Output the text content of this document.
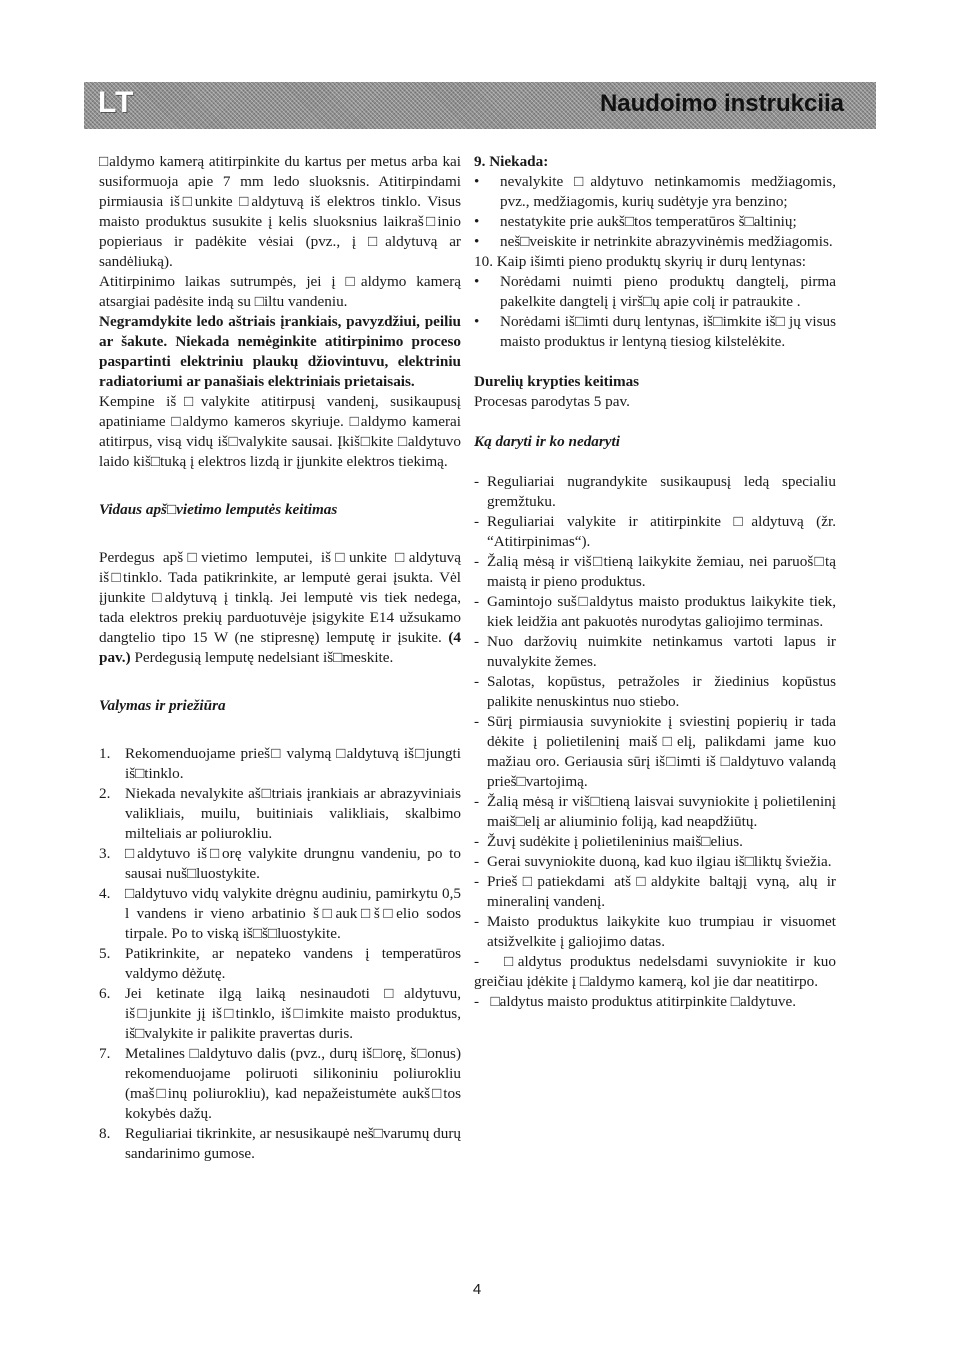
LT	Naudoimo instrukciia

□aldymo kamerą atitirpinkite du kartus per metus arba kai susiformuoja apie 7 mm ledo sluoksnis. Atitirpindami pirmiausia iš□unkite □aldytuvą iš elektros tinklo. Visus maisto produktus susukite į kelis sluoksnius laikraš□inio popieriaus ir padėkite vėsiai (pvz., į □aldytuvą ar sandėliuką).

Atitirpinimo laikas sutrumpės, jei į □aldymo kamerą atsargiai padėsite indą su □iltu vandeniu.

Negramdykite ledo aštriais įrankiais, pavyzdžiui, peiliu ar šakute. Niekada nemėginkite atitirpinimo proceso paspartinti elektriniu plaukų džiovintuvu, elektriniu radiatoriumi ar panašiais elektriniais prietaisais.

Kempine iš□valykite atitirpusį vandenį, susikaupusį apatiniame □aldymo kameros skyriuje. □aldymo kamerai atitirpus, visą vidų iš□valykite sausai. Įkiš□kite □aldytuvo laido kiš□tuką į elektros lizdą ir įjunkite elektros tiekimą.

Vidaus apš□vietimo lemputės keitimas

Perdegus apš□vietimo lemputei, iš□unkite □aldytuvą iš□tinklo. Tada patikrinkite, ar lemputė gerai įsukta. Vėl įjunkite □aldytuvą į tinklą. Jei lemputė vis tiek nedega, tada elektros prekių parduotuvėje įsigykite E14 užsukamo dangtelio tipo 15 W (ne stipresnę) lemputę ir įsukite. (4 pav.) Perdegusią lemputę nedelsiant iš□meskite.

Valymas ir priežiūra

1. Rekomenduojame prieš□ valymą □aldytuvą iš□jungti iš□tinklo.
2. Niekada nevalykite aš□triais įrankiais ar abrazyviniais valikliais, muilu, buitiniais valikliais, skalbimo milteliais ar poliurokliu.
3. □aldytuvo iš□orę valykite drungnu vandeniu, po to sausai nuš□luostykite.
4. □aldytuvo vidų valykite drėgnu audiniu, pamirkytu 0,5 l vandens ir vieno arbatinio š□auk□š□elio sodos tirpale. Po to viską iš□š□luostykite.
5. Patikrinkite, ar nepateko vandens į temperatūros valdymo dėžutę.
6. Jei ketinate ilgą laiką nesinaudoti □aldytuvu, iš□junkite jį iš□tinklo, iš□imkite maisto produktus, iš□valykite ir palikite pravertas duris.
7. Metalines □aldytuvo dalis (pvz., durų iš□orę, š□onus) rekomenduojame poliruoti silikoniniu poliurokliu (maš□inų poliurokliu), kad nepažeistumėte aukš□tos kokybės dažų.
8. Reguliariai tikrinkite, ar nesusikaupė neš□varumų durų sandarinimo gumose.

9. Niekada:

•	nevalykite □aldytuvo netinkamomis medžiagomis, pvz., medžiagomis, kurių sudėtyje yra benzino;
•	nestatykite prie aukš□tos temperatūros š□altinių;
•	neš□veiskite ir netrinkite abrazyvinėmis medžiagomis.

10. Kaip išimti pieno produktų skyrių ir durų lentynas:

•	Norėdami nuimti pieno produktų dangtelį, pirma pakelkite dangtelį į virš□ų apie colį ir patraukite .
•	Norėdami iš□imti durų lentynas, iš□imkite iš□ jų visus maisto produktus ir lentyną tiesiog kilstelėkite.

Durelių krypties keitimas

Procesas parodytas 5 pav.

Ką daryti ir ko nedaryti

- Reguliariai nugrandykite susikaupusį ledą specialiu gremžtuku.
- Reguliariai valykite ir atitirpinkite □aldytuvą (žr. “Atitirpinimas“).
- Žalią mėsą ir viš□tieną laikykite žemiau, nei paruoš□tą maistą ir pieno produktus.
- Gamintojo suš□aldytus maisto produktus laikykite tiek, kiek leidžia ant pakuotės nurodytas galiojimo terminas.
- Nuo daržovių nuimkite netinkamus vartoti lapus ir nuvalykite žemes.
- Salotas, kopūstus, petražoles ir žiedinius kopūstus palikite nenuskintus nuo stiebo.
- Sūrį pirmiausia suvyniokite į sviestinį popierių ir tada dėkite į polietileninį maiš□elį, palikdami jame kuo mažiau oro. Geriausia sūrį iš□imti iš □aldytuvo valandą prieš□vartojimą.
- Žalią mėsą ir viš□tieną laisvai suvyniokite į polietileninį maiš□elį ar aliuminio foliją, kad neapdžiūtų.
- Žuvį sudėkite į polietileninius maiš□elius.
- Gerai suvyniokite duoną, kad kuo ilgiau iš□liktų šviežia.
- Prieš□patiekdami atš□aldykite baltąjį vyną, alų ir mineralinį vandenį.
- Maisto produktus laikykite kuo trumpiau ir visuomet atsižvelkite į galiojimo datas.

-   □aldytus produktus nedelsdami suvyniokite ir kuo greičiau įdėkite į □aldymo kamerą, kol jie dar neatitirpo.

-   □aldytus maisto produktus atitirpinkite □aldytuve.

4
